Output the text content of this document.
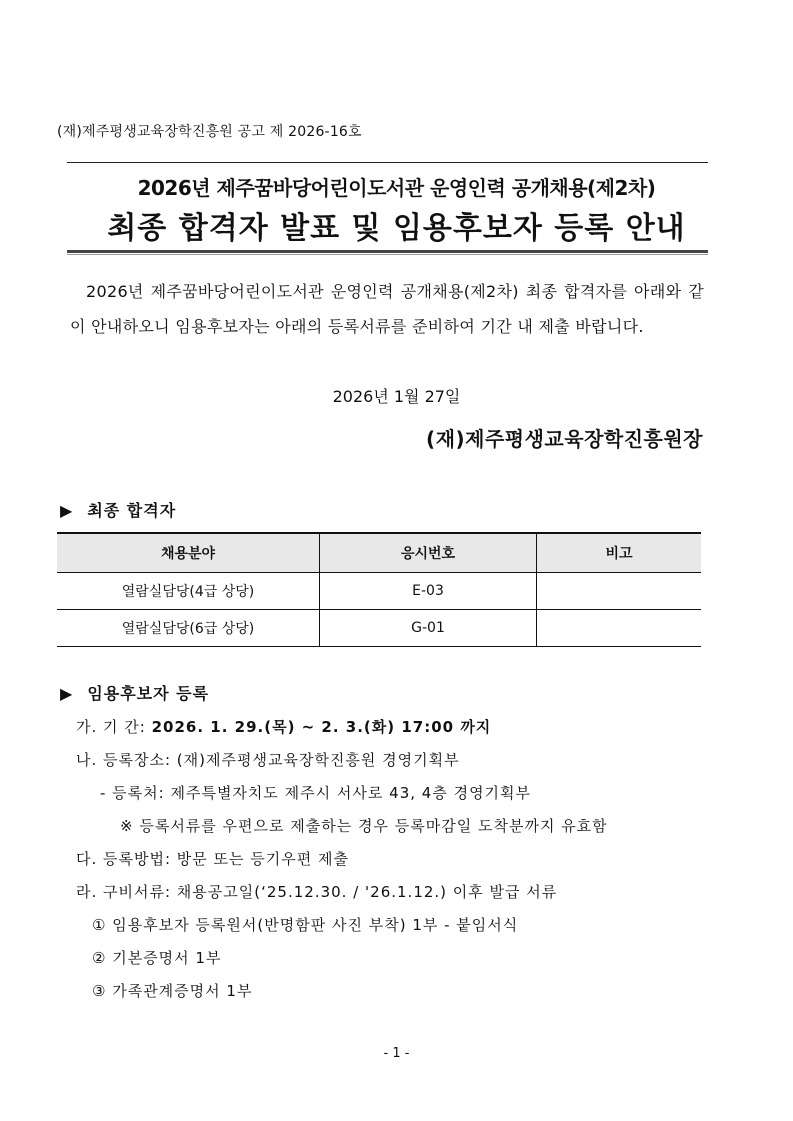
(재)제주평생교육장학진흥원 공고 제 2026-16호
2026년 제주꿈바당어린이도서관 운영인력 공개채용(제2차)
최종 합격자 발표 및 임용후보자 등록 안내
2026년 제주꿈바당어린이도서관 운영인력 공개채용(제2차) 최종 합격자를 아래와 같이 안내하오니 임용후보자는 아래의 등록서류를 준비하여 기간 내 제출 바랍니다.
2026년 1월 27일
(재)제주평생교육장학진흥원장
▶ 최종 합격자
채용분야	응시번호	비고
열람실담당(4급 상당)	E-03	
열람실담당(6급 상당)	G-01	
▶ 임용후보자 등록
가. 기 간: 2026. 1. 29.(목) ~ 2. 3.(화) 17:00 까지
나. 등록장소: (재)제주평생교육장학진흥원 경영기획부
- 등록처: 제주특별자치도 제주시 서사로 43, 4층 경영기획부
※ 등록서류를 우편으로 제출하는 경우 등록마감일 도착분까지 유효함
다. 등록방법: 방문 또는 등기우편 제출
라. 구비서류: 채용공고일(‘25.12.30. / '26.1.12.) 이후 발급 서류
① 임용후보자 등록원서(반명함판 사진 부착) 1부 - 붙임서식
② 기본증명서 1부
③ 가족관계증명서 1부
- 1 -
